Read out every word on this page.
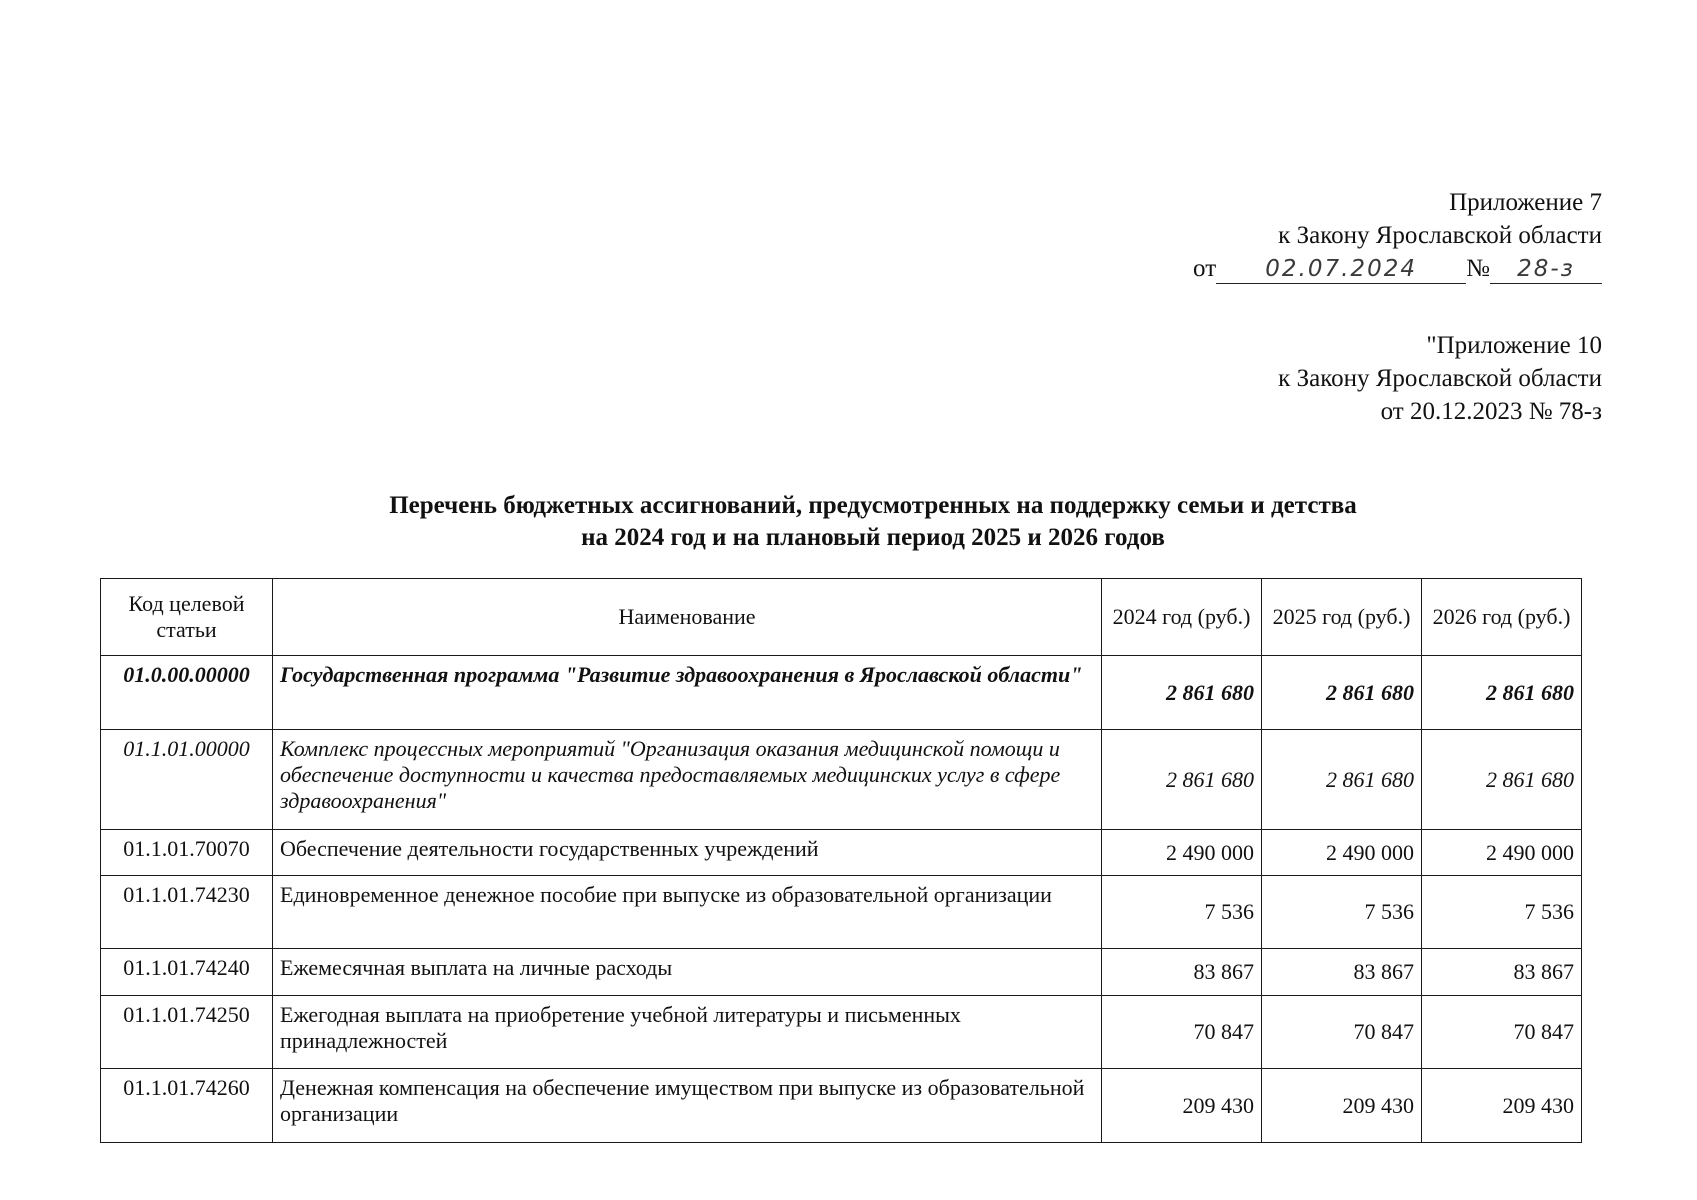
Приложение 7
к Закону Ярославской области
от 02.07.2024 № 28-з
"Приложение 10
к Закону Ярославской области
от 20.12.2023 № 78-з
Перечень бюджетных ассигнований, предусмотренных на поддержку семьи и детства
на 2024 год и на плановый период 2025 и 2026 годов
Код целевой статьи	Наименование	2024 год (руб.)	2025 год (руб.)	2026 год (руб.)
01.0.00.00000	Государственная программа "Развитие здравоохранения в Ярославской области"	2 861 680	2 861 680	2 861 680
01.1.01.00000	Комплекс процессных мероприятий "Организация оказания медицинской помощи и обеспечение доступности и качества предоставляемых медицинских услуг в сфере здравоохранения"	2 861 680	2 861 680	2 861 680
01.1.01.70070	Обеспечение деятельности государственных учреждений	2 490 000	2 490 000	2 490 000
01.1.01.74230	Единовременное денежное пособие при выпуске из образовательной организации	7 536	7 536	7 536
01.1.01.74240	Ежемесячная выплата на личные расходы	83 867	83 867	83 867
01.1.01.74250	Ежегодная выплата на приобретение учебной литературы и письменных принадлежностей	70 847	70 847	70 847
01.1.01.74260	Денежная компенсация на обеспечение имуществом при выпуске из образовательной организации	209 430	209 430	209 430
